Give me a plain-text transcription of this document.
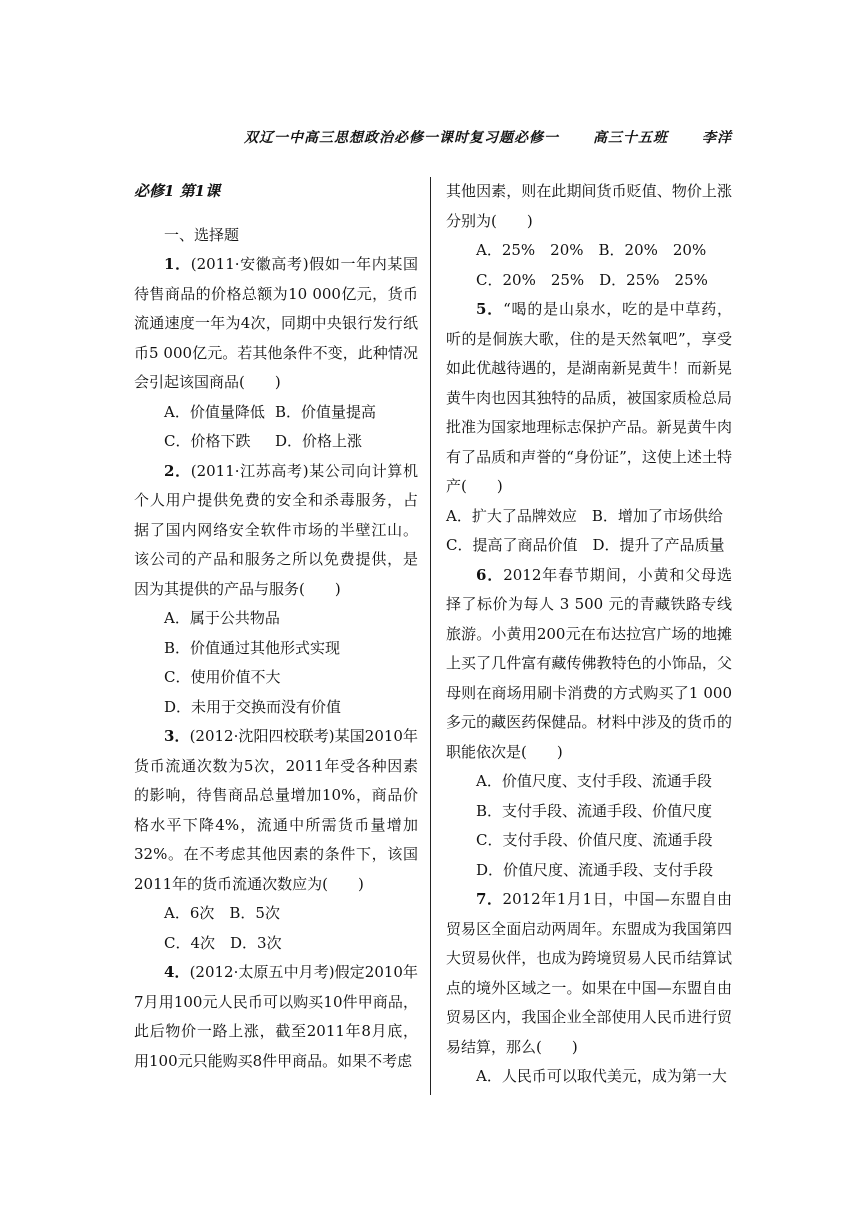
双辽一中高三思想政治必修一课时复习题必修一 高三十五班 李洋
必修1 第1课
一、选择题

1．(2011·安徽高考)假如一年内某国待售商品的价格总额为10 000亿元，货币流通速度一年为4次，同期中央银行发行纸币5 000亿元。若其他条件不变，此种情况会引起该国商品(　　)

A．价值量降低 B．价值量提高
C．价格下跌 D．价格上涨

2．(2011·江苏高考)某公司向计算机个人用户提供免费的安全和杀毒服务，占据了国内网络安全软件市场的半壁江山。该公司的产品和服务之所以免费提供，是因为其提供的产品与服务(　　)

A．属于公共物品
B．价值通过其他形式实现
C．使用价值不大
D．未用于交换而没有价值

3．(2012·沈阳四校联考)某国2010年货币流通次数为5次，2011年受各种因素的影响，待售商品总量增加10%，商品价格水平下降4%，流通中所需货币量增加32%。在不考虑其他因素的条件下，该国2011年的货币流通次数应为(　　)

A．6次　B．5次
C．4次　D．3次

4．(2012·太原五中月考)假定2010年7月用100元人民币可以购买10件甲商品，此后物价一路上涨，截至2011年8月底，用100元只能购买8件甲商品。如果不考虑

其他因素，则在此期间货币贬值、物价上涨分别为(　　)

A．25%　20%　B．20%　20%
C．20%　25%　D．25%　25%

5．“喝的是山泉水，吃的是中草药，听的是侗族大歌，住的是天然氧吧”，享受如此优越待遇的，是湖南新晃黄牛！而新晃黄牛肉也因其独特的品质，被国家质检总局批准为国家地理标志保护产品。新晃黄牛肉有了品质和声誉的“身份证”，这使上述土特产(　　)

A．扩大了品牌效应　B．增加了市场供给
C．提高了商品价值　D．提升了产品质量

6．2012年春节期间，小黄和父母选择了标价为每人 3 500 元的青藏铁路专线旅游。小黄用200元在布达拉宫广场的地摊上买了几件富有藏传佛教特色的小饰品，父母则在商场用刷卡消费的方式购买了1 000多元的藏医药保健品。材料中涉及的货币的职能依次是(　　)

A．价值尺度、支付手段、流通手段
B．支付手段、流通手段、价值尺度
C．支付手段、价值尺度、流通手段
D．价值尺度、流通手段、支付手段

7．2012年1月1日，中国—东盟自由贸易区全面启动两周年。东盟成为我国第四大贸易伙伴，也成为跨境贸易人民币结算试点的境外区域之一。如果在中国—东盟自由贸易区内，我国企业全部使用人民币进行贸易结算，那么(　　)

A．人民币可以取代美元，成为第一大
